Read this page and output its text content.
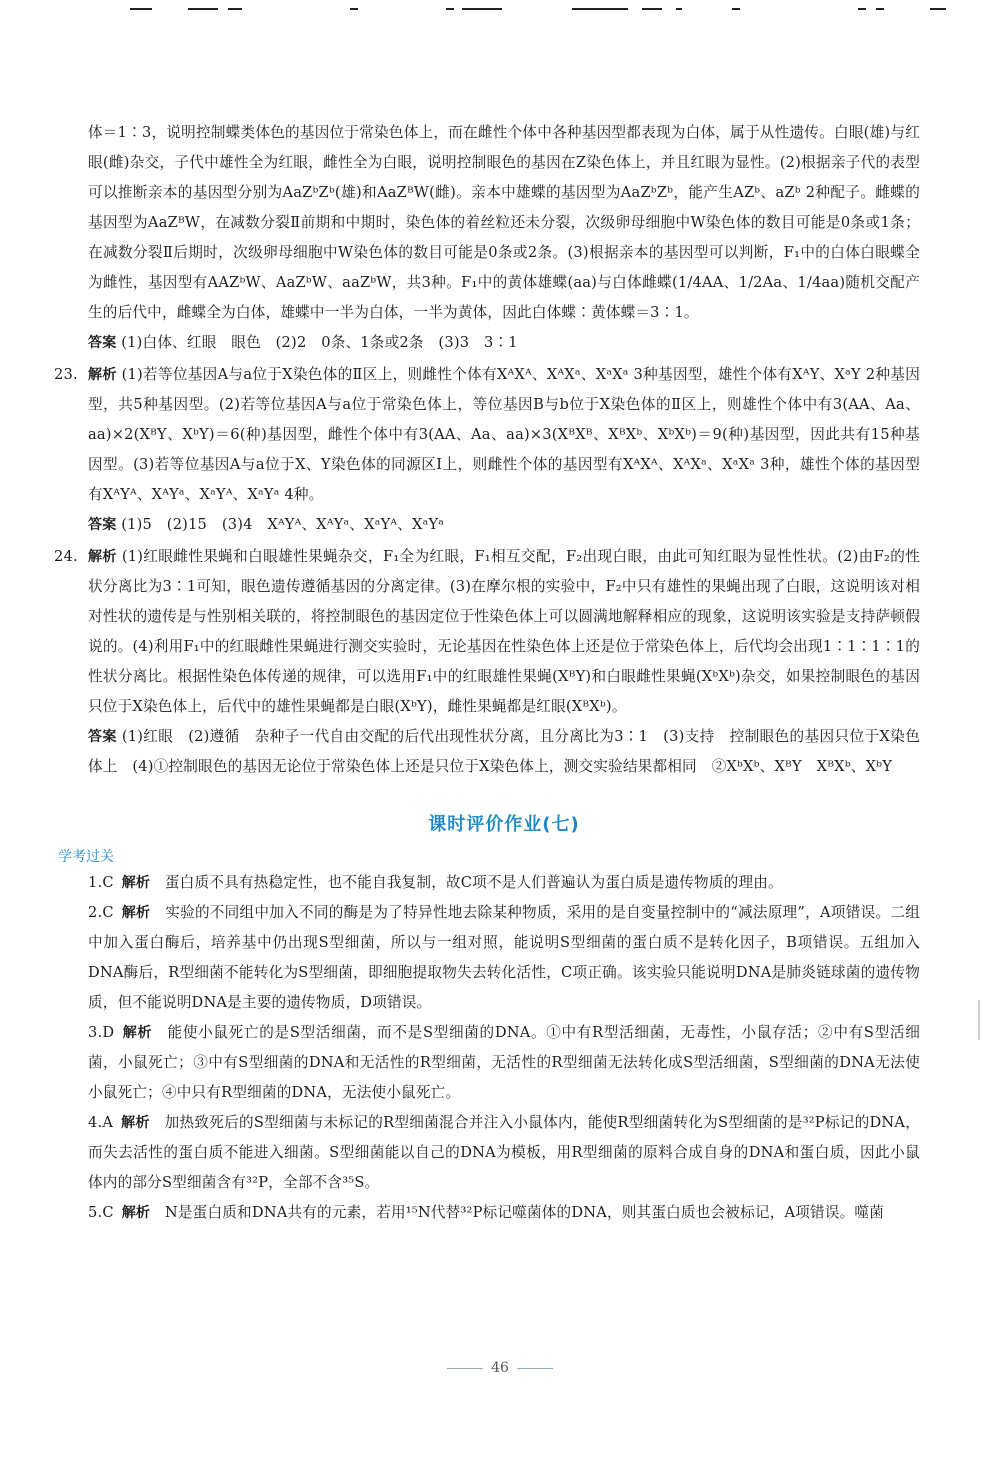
体＝1∶3，说明控制蝶类体色的基因位于常染色体上，而在雌性个体中各种基因型都表现为白体，属于从性遗传。白眼(雄)与红眼(雌)杂交，子代中雄性全为红眼，雌性全为白眼，说明控制眼色的基因在Z染色体上，并且红眼为显性。(2)根据亲子代的表型可以推断亲本的基因型分别为AaZᵇZᵇ(雄)和AaZᴮW(雌)。亲本中雄蝶的基因型为AaZᵇZᵇ，能产生AZᵇ、aZᵇ 2种配子。雌蝶的基因型为AaZᴮW，在减数分裂Ⅱ前期和中期时，染色体的着丝粒还未分裂，次级卵母细胞中W染色体的数目可能是0条或1条；在减数分裂Ⅱ后期时，次级卵母细胞中W染色体的数目可能是0条或2条。(3)根据亲本的基因型可以判断，F₁中的白体白眼蝶全为雌性，基因型有AAZᵇW、AaZᵇW、aaZᵇW，共3种。F₁中的黄体雄蝶(aa)与白体雌蝶(1/4AA、1/2Aa、1/4aa)随机交配产生的后代中，雌蝶全为白体，雄蝶中一半为白体，一半为黄体，因此白体蝶∶黄体蝶＝3∶1。

答案 (1)白体、红眼　眼色　(2)2　0条、1条或2条　(3)3　3∶1

23. 解析 (1)若等位基因A与a位于X染色体的Ⅱ区上，则雌性个体有XᴬXᴬ、XᴬXᵃ、XᵃXᵃ 3种基因型，雄性个体有XᴬY、XᵃY 2种基因型，共5种基因型。(2)若等位基因A与a位于常染色体上，等位基因B与b位于X染色体的Ⅱ区上，则雄性个体中有3(AA、Aa、aa)×2(XᴮY、XᵇY)＝6(种)基因型，雌性个体中有3(AA、Aa、aa)×3(XᴮXᴮ、XᴮXᵇ、XᵇXᵇ)＝9(种)基因型，因此共有15种基因型。(3)若等位基因A与a位于X、Y染色体的同源区Ⅰ上，则雌性个体的基因型有XᴬXᴬ、XᴬXᵃ、XᵃXᵃ 3种，雄性个体的基因型有XᴬYᴬ、XᴬYᵃ、XᵃYᴬ、XᵃYᵃ 4种。

答案 (1)5　(2)15　(3)4　XᴬYᴬ、XᴬYᵃ、XᵃYᴬ、XᵃYᵃ

24. 解析 (1)红眼雌性果蝇和白眼雄性果蝇杂交，F₁全为红眼，F₁相互交配，F₂出现白眼，由此可知红眼为显性性状。(2)由F₂的性状分离比为3∶1可知，眼色遗传遵循基因的分离定律。(3)在摩尔根的实验中，F₂中只有雄性的果蝇出现了白眼，这说明该对相对性状的遗传是与性别相关联的，将控制眼色的基因定位于性染色体上可以圆满地解释相应的现象，这说明该实验是支持萨顿假说的。(4)利用F₁中的红眼雌性果蝇进行测交实验时，无论基因在性染色体上还是位于常染色体上，后代均会出现1∶1∶1∶1的性状分离比。根据性染色体传递的规律，可以选用F₁中的红眼雄性果蝇(XᴮY)和白眼雌性果蝇(XᵇXᵇ)杂交，如果控制眼色的基因只位于X染色体上，后代中的雄性果蝇都是白眼(XᵇY)，雌性果蝇都是红眼(XᴮXᵇ)。

答案 (1)红眼　(2)遵循　杂种子一代自由交配的后代出现性状分离，且分离比为3∶1　(3)支持　控制眼色的基因只位于X染色体上　(4)①控制眼色的基因无论位于常染色体上还是只位于X染色体上，测交实验结果都相同　②XᵇXᵇ、XᴮY　XᴮXᵇ、XᵇY

课时评价作业(七)
学考过关

1.C 解析　 蛋白质不具有热稳定性，也不能自我复制，故C项不是人们普遍认为蛋白质是遗传物质的理由。

2.C 解析　 实验的不同组中加入不同的酶是为了特异性地去除某种物质，采用的是自变量控制中的“减法原理”，A项错误。二组中加入蛋白酶后，培养基中仍出现S型细菌，所以与一组对照，能说明S型细菌的蛋白质不是转化因子，B项错误。五组加入DNA酶后，R型细菌不能转化为S型细菌，即细胞提取物失去转化活性，C项正确。该实验只能说明DNA是肺炎链球菌的遗传物质，但不能说明DNA是主要的遗传物质，D项错误。

3.D 解析　 能使小鼠死亡的是S型活细菌，而不是S型细菌的DNA。①中有R型活细菌，无毒性，小鼠存活；②中有S型活细菌，小鼠死亡；③中有S型细菌的DNA和无活性的R型细菌，无活性的R型细菌无法转化成S型活细菌，S型细菌的DNA无法使小鼠死亡；④中只有R型细菌的DNA，无法使小鼠死亡。

4.A 解析　 加热致死后的S型细菌与未标记的R型细菌混合并注入小鼠体内，能使R型细菌转化为S型细菌的是³²P标记的DNA，而失去活性的蛋白质不能进入细菌。S型细菌能以自己的DNA为模板，用R型细菌的原料合成自身的DNA和蛋白质，因此小鼠体内的部分S型细菌含有³²P，全部不含³⁵S。

5.C 解析　 N是蛋白质和DNA共有的元素，若用¹⁵N代替³²P标记噬菌体的DNA，则其蛋白质也会被标记，A项错误。噬菌

46
